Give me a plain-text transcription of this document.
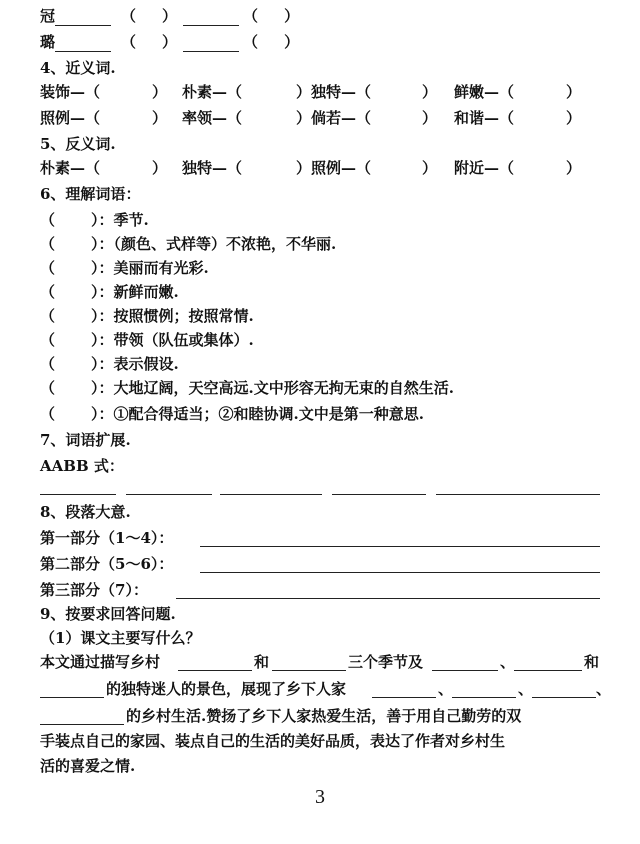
冠	（ ）	（ ）
璐	（ ）	（ ）
4、近义词.
装饰—（	） 朴素—（	）独特—（	） 鲜嫩—（	）
照例—（	） 率领—（	）倘若—（	） 和谐—（	）
5、反义词.
朴素—（	） 独特—（	）照例—（	） 附近—（	）
6、理解词语：
（ ）：季节.
（ ）：（颜色、式样等）不浓艳，不华丽.
（ ）：美丽而有光彩.
（ ）：新鲜而嫩.
（ ）：按照惯例；按照常情.
（ ）：带领（队伍或集体）.
（ ）：表示假设.
（ ）：大地辽阔，天空高远.文中形容无拘无束的自然生活.
（ ）：①配合得适当；②和睦协调.文中是第一种意思.
7、词语扩展.
AABB 式：
8、段落大意.
第一部分（1～4）：
第二部分（5～6）：
第三部分（7）：
9、按要求回答问题.
（1）课文主要写什么？
本文通过描写乡村	和	三个季节及	、	和
的独特迷人的景色，展现了乡下人家	、	、	、
的乡村生活.赞扬了乡下人家热爱生活，善于用自己勤劳的双
手装点自己的家园、装点自己的生活的美好品质，表达了作者对乡村生
活的喜爱之情.
3
